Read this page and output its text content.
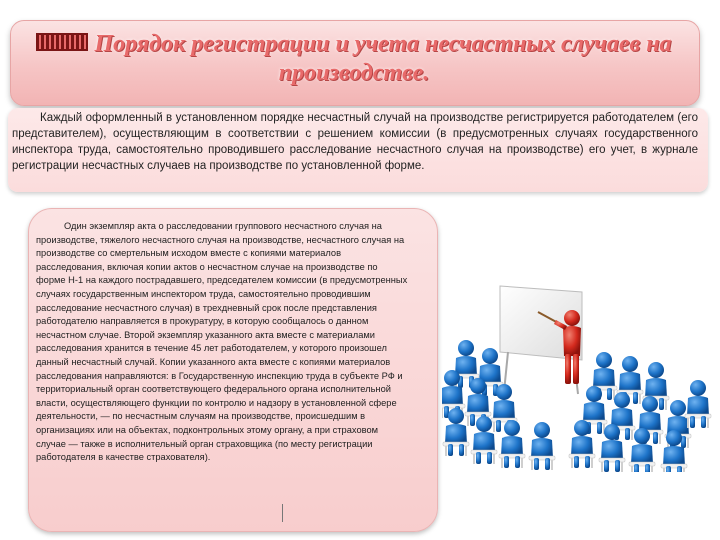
Порядок регистрации и учета несчастных случаев на производстве.
Каждый оформленный в установленном порядке несчастный случай на производстве регистрируется работодателем (его представителем), осуществляющим в соответствии с решением комиссии (в предусмотренных случаях государственного инспектора труда, самостоятельно проводившего расследование несчастного случая на производстве) его учет, в журнале регистрации несчастных случаев на производстве по установленной форме.
Один экземпляр акта о расследовании группового несчастного случая на производстве, тяжелого несчастного случая на производстве, несчастного случая на производстве со смертельным исходом вместе с копиями материалов расследования, включая копии актов о несчастном случае на производстве по форме Н-1 на каждого пострадавшего, председателем комиссии (в предусмотренных случаях государственным инспектором труда, самостоятельно проводившим расследование несчастного случая) в трехдневный срок после представления работодателю направляется в прокуратуру, в которую сообщалось о данном несчастном случае. Второй экземпляр указанного акта вместе с материалами расследования хранится в течение 45 лет работодателем, у которого произошел данный несчастный случай. Копии указанного акта вместе с копиями материалов расследования направляются: в Государственную инспекцию труда в субъекте РФ и территориальный орган соответствующего федерального органа исполнительной власти, осуществляющего функции по контролю и надзору в установленной сфере деятельности, — по несчастным случаям на производстве, происшедшим в организациях или на объектах, подконтрольных этому органу, а при страховом случае — также в исполнительный орган страховщика (по месту регистрации работодателя в качестве страхователя).
